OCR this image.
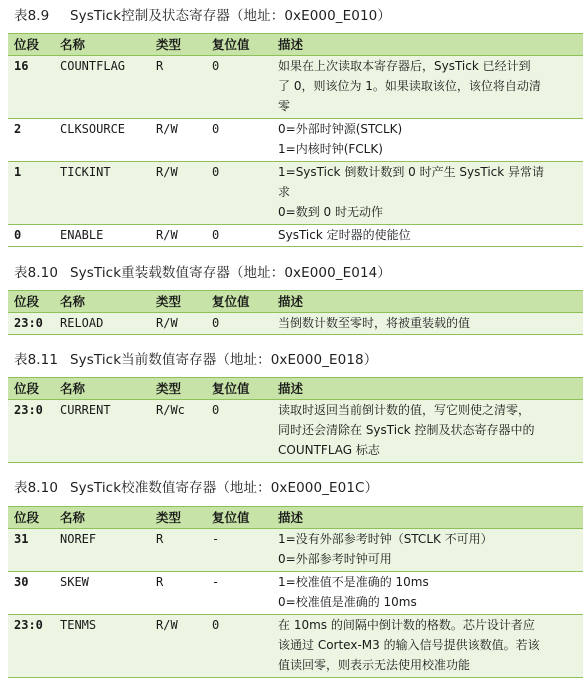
表8.9 SysTick控制及状态寄存器（地址：0xE000_E010）
位段	名称	类型	复位值	描述
16	COUNTFLAG	R	0	如果在上次读取本寄存器后，SysTick 已经计到
了 0，则该位为 1。如果读取该位，该位将自动清
零

2	CLKSOURCE	R/W	0	0=外部时钟源(STCLK)
1=内核时钟(FCLK)

1	TICKINT	R/W	0	1=SysTick 倒数计数到 0 时产生 SysTick 异常请
求
0=数到 0 时无动作

0	ENABLE	R/W	0	SysTick 定时器的使能位
表8.10 SysTick重装载数值寄存器（地址：0xE000_E014）
位段	名称	类型	复位值	描述
23:0	RELOAD	R/W	0	当倒数计数至零时，将被重装载的值
表8.11 SysTick当前数值寄存器（地址：0xE000_E018）
位段	名称	类型	复位值	描述
23:0	CURRENT	R/Wc	0	读取时返回当前倒计数的值，写它则使之清零，
同时还会清除在 SysTick 控制及状态寄存器中的
COUNTFLAG 标志
表8.10 SysTick校准数值寄存器（地址：0xE000_E01C）
位段	名称	类型	复位值	描述
31	NOREF	R	-	1=没有外部参考时钟（STCLK 不可用）
0=外部参考时钟可用

30	SKEW	R	-	1=校准值不是准确的 10ms
0=校准值是准确的 10ms

23:0	TENMS	R/W	0	在 10ms 的间隔中倒计数的格数。芯片设计者应
该通过 Cortex-M3 的输入信号提供该数值。若该
值读回零，则表示无法使用校准功能
